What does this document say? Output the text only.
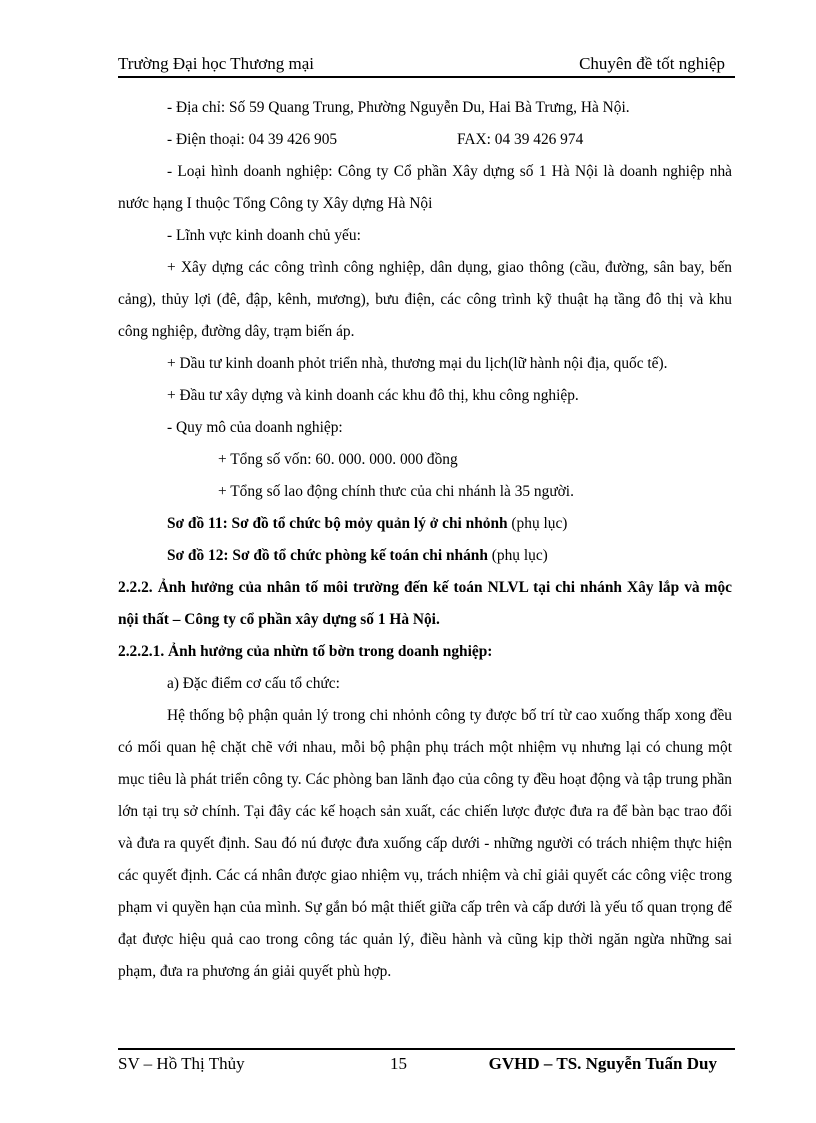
Trường Đại học Thương mại	Chuyên đề tốt nghiệp
- Địa chỉ: Số 59 Quang Trung, Phường Nguyễn Du, Hai Bà Trưng, Hà Nội.
- Điện thoại: 04 39 426 905	FAX: 04 39 426 974
- Loại hình doanh nghiệp: Công ty Cổ phần Xây dựng số 1 Hà Nội là doanh nghiệp nhà nước hạng I thuộc Tổng Công ty Xây dựng Hà Nội
- Lĩnh vực kinh doanh chủ yếu:
+ Xây dựng các công trình công nghiệp, dân dụng, giao thông (cầu, đường, sân bay, bến cảng), thủy lợi (đê, đập, kênh, mương), bưu điện, các công trình kỹ thuật hạ tầng đô thị và khu công nghiệp, đường dây, trạm biến áp.
+ Dầu tư kinh doanh phỏt triển nhà, thương mại du lịch(lữ hành nội địa, quốc tế).
+ Đầu tư xây dựng và kinh doanh các khu đô thị, khu công nghiệp.
- Quy mô của doanh nghiệp:
+ Tổng số vốn: 60. 000. 000. 000 đồng
+ Tổng số lao động chính thưc của chi nhánh là 35 người.
Sơ đồ 11: Sơ đồ tổ chức bộ mỏy quản lý ở chi nhỏnh (phụ lục)
Sơ đồ 12: Sơ đồ tổ chức phòng kế toán chi nhánh (phụ lục)
2.2.2. Ảnh hưởng của nhân tố môi trường đến kế toán NLVL tại chi nhánh Xây lắp và mộc nội thất – Công ty cổ phần xây dựng số 1 Hà Nội.
2.2.2.1. Ảnh hưởng của nhừn tố bờn trong doanh nghiệp:
a) Đặc điểm cơ cấu tổ chức:
Hệ thống bộ phận quản lý trong chi nhỏnh công ty được bố trí từ cao xuống thấp xong đều có mối quan hệ chặt chẽ với nhau, mỗi bộ phận phụ trách một nhiệm vụ nhưng lại có chung một mục tiêu là phát triển công ty. Các phòng ban lãnh đạo của công ty đều hoạt động và tập trung phần lớn tại trụ sở chính. Tại đây các kế hoạch sản xuất, các chiến lược được đưa ra để bàn bạc trao đổi và đưa ra quyết định. Sau đó nú được đưa xuống cấp dưới - những người có trách nhiệm thực hiện các quyết định. Các cá nhân được giao nhiệm vụ, trách nhiệm và chỉ giải quyết các công việc trong phạm vi quyền hạn của mình. Sự gắn bó mật thiết giữa cấp trên và cấp dưới là yếu tố quan trọng để đạt được hiệu quả cao trong công tác quản lý, điều hành và cũng kịp thời ngăn ngừa những sai phạm, đưa ra phương án giải quyết phù hợp.
SV – Hồ Thị Thủy	15	GVHD – TS. Nguyễn Tuấn Duy
